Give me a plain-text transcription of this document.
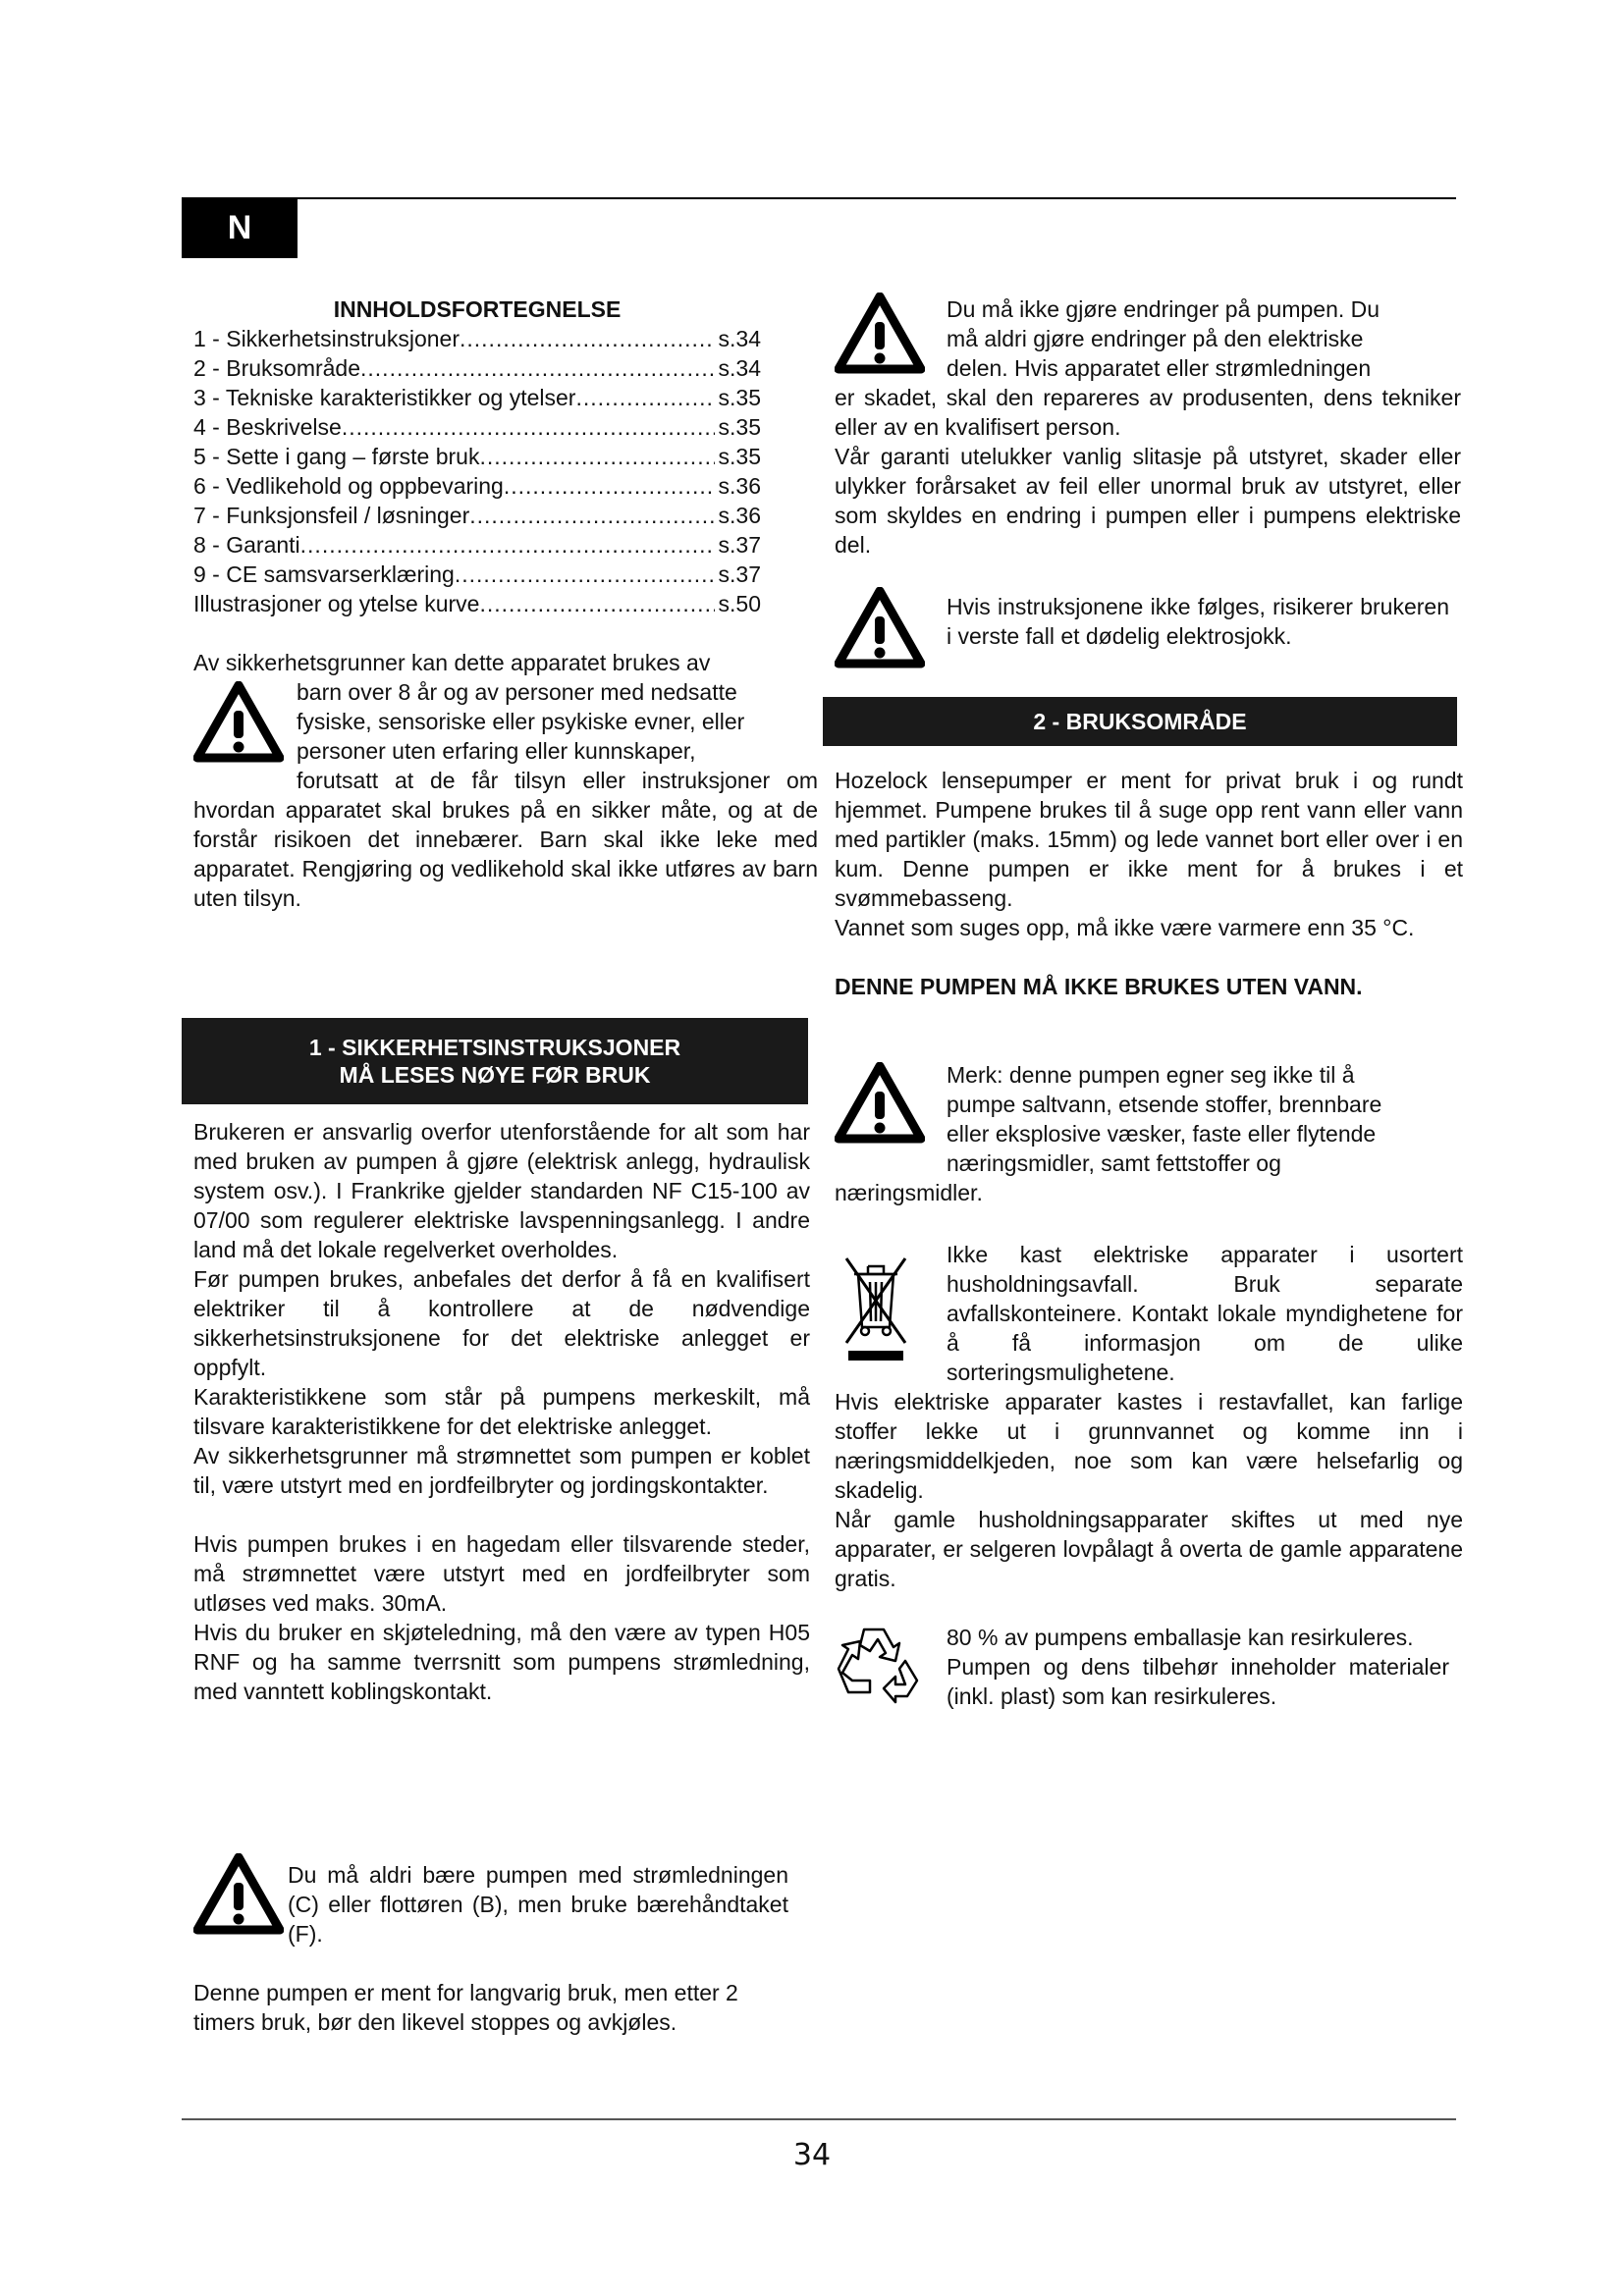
N
INNHOLDSFORTEGNELSE
1 - Sikkerhetsinstruksjoner .....	s.34
2 - Bruksområde .....	s.34
3 - Tekniske karakteristikker og ytelser .....	s.35
4 - Beskrivelse .....	s.35
5 - Sette i gang – første bruk .....	s.35
6 - Vedlikehold og oppbevaring .....	s.36
7 - Funksjonsfeil / løsninger .....	s.36
8 - Garanti .....	s.37
9 - CE samsvarserklæring .....	s.37
Illustrasjoner og ytelse kurve .....	s.50

Av sikkerhetsgrunner kan dette apparatet brukes av

barn over 8 år og av personer med nedsatte

fysiske, sensoriske eller psykiske evner, eller

personer uten erfaring eller kunnskaper,

forutsatt at de får tilsyn eller instruksjoner om hvordan apparatet skal brukes på en sikker måte, og at de forstår risikoen det innebærer. Barn skal ikke leke med apparatet. Rengjøring og vedlikehold skal ikke utføres av barn uten tilsyn.

1 - SIKKERHETSINSTRUKSJONER
MÅ LESES NØYE FØR BRUK

Brukeren er ansvarlig overfor utenforstående for alt som har med bruken av pumpen å gjøre (elektrisk anlegg, hydraulisk system osv.). I Frankrike gjelder standarden NF C15-100 av 07/00 som regulerer elektriske lavspenningsanlegg. I andre land må det lokale regelverket overholdes.

Før pumpen brukes, anbefales det derfor å få en kvalifisert elektriker til å kontrollere at de nødvendige sikkerhetsinstruksjonene for det elektriske anlegget er oppfylt.

Karakteristikkene som står på pumpens merkeskilt, må tilsvare karakteristikkene for det elektriske anlegget.

Av sikkerhetsgrunner må strømnettet som pumpen er koblet til, være utstyrt med en jordfeilbryter og jordingskontakter.

Hvis pumpen brukes i en hagedam eller tilsvarende steder, må strømnettet være utstyrt med en jordfeilbryter som utløses ved maks. 30mA.

Hvis du bruker en skjøteledning, må den være av typen H05 RNF og ha samme tverrsnitt som pumpens strømledning, med vanntett koblingskontakt.

Du må aldri bære pumpen med strømledningen (C) eller flottøren (B), men bruke bærehåndtaket (F).

Denne pumpen er ment for langvarig bruk, men etter 2 timers bruk, bør den likevel stoppes og avkjøles.

Du må ikke gjøre endringer på pumpen. Du

må aldri gjøre endringer på den elektriske

delen. Hvis apparatet eller strømledningen

er skadet, skal den repareres av produsenten, dens tekniker eller av en kvalifisert person.

Vår garanti utelukker vanlig slitasje på utstyret, skader eller ulykker forårsaket av feil eller unormal bruk av utstyret, eller som skyldes en endring i pumpen eller i pumpens elektriske del.

Hvis instruksjonene ikke følges, risikerer brukeren i verste fall et dødelig elektrosjokk.

2 - BRUKSOMRÅDE

Hozelock lensepumper er ment for privat bruk i og rundt hjemmet. Pumpene brukes til å suge opp rent vann eller vann med partikler (maks. 15mm) og lede vannet bort eller over i en kum. Denne pumpen er ikke ment for å brukes i et svømmebasseng.

Vannet som suges opp, må ikke være varmere enn 35 °C.

DENNE PUMPEN MÅ IKKE BRUKES UTEN VANN.

Merk: denne pumpen egner seg ikke til å

pumpe saltvann, etsende stoffer, brennbare

eller eksplosive væsker, faste eller flytende

næringsmidler, samt fettstoffer og

næringsmidler.

Ikke kast elektriske apparater i usortert husholdningsavfall. Bruk separate avfallskonteinere. Kontakt lokale myndighetene for å få informasjon om de ulike sorteringsmulighetene.

Hvis elektriske apparater kastes i restavfallet, kan farlige stoffer lekke ut i grunnvannet og komme inn i næringsmiddelkjeden, noe som kan være helsefarlig og skadelig.

Når gamle husholdningsapparater skiftes ut med nye apparater, er selgeren lovpålagt å overta de gamle apparatene gratis.

80 % av pumpens emballasje kan resirkuleres.

Pumpen og dens tilbehør inneholder materialer (inkl. plast) som kan resirkuleres.

34
